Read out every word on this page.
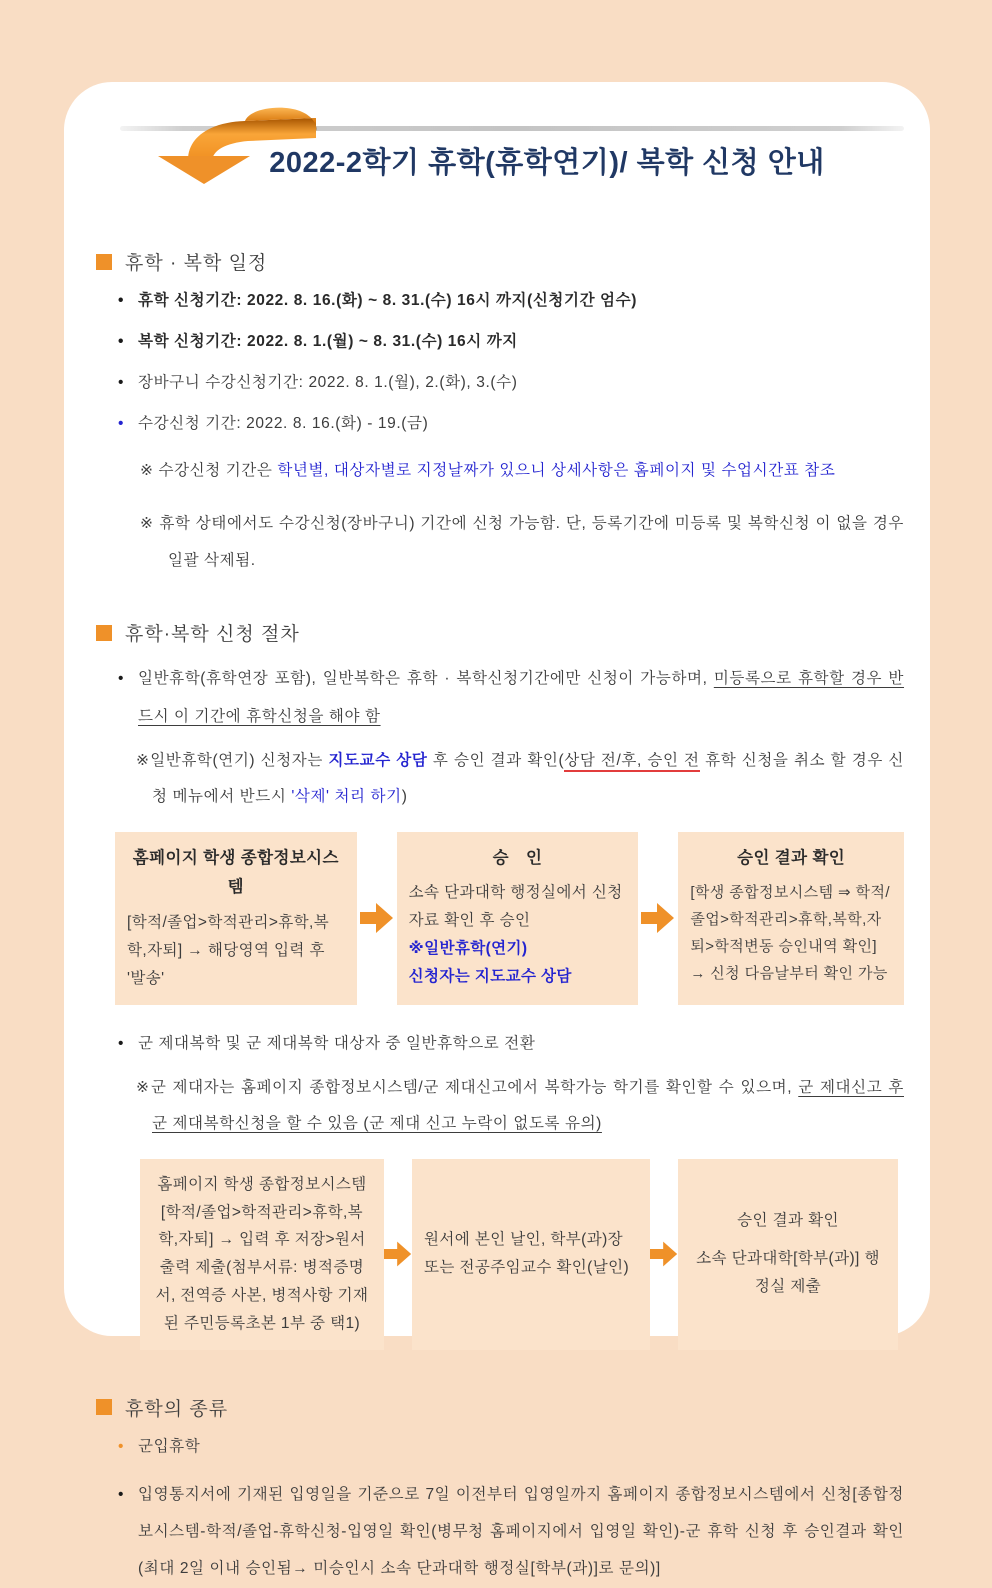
2022-2학기 휴학(휴학연기)/ 복학 신청 안내
휴학 · 복학 일정
• 휴학 신청기간: 2022. 8. 16.(화) ~ 8. 31.(수) 16시 까지(신청기간 엄수)
• 복학 신청기간: 2022. 8. 1.(월) ~ 8. 31.(수) 16시 까지
• 장바구니 수강신청기간: 2022. 8. 1.(월), 2.(화), 3.(수)
• 수강신청 기간: 2022. 8. 16.(화) - 19.(금)
※ 수강신청 기간은 학년별, 대상자별로 지정날짜가 있으니 상세사항은 홈페이지 및 수업시간표 참조
※ 휴학 상태에서도 수강신청(장바구니) 기간에 신청 가능함. 단, 등록기간에 미등록 및 복학신청 이 없을 경우 일괄 삭제됨.
휴학·복학 신청 절차
• 일반휴학(휴학연장 포함), 일반복학은 휴학 · 복학신청기간에만 신청이 가능하며, 미등록으로 휴학할 경우 반드시 이 기간에 휴학신청을 해야 함
※일반휴학(연기) 신청자는 지도교수 상담 후 승인 결과 확인(상담 전/후, 승인 전 휴학 신청을 취소 할 경우 신청 메뉴에서 반드시 '삭제' 처리 하기)
홈페이지 학생 종합정보시스템
[학적/졸업>학적관리>휴학,복학,자퇴] → 해당영역 입력 후 '발송'
승 인
소속 단과대학 행정실에서 신청 자료 확인 후 승인
※일반휴학(연기)
신청자는 지도교수 상담
승인 결과 확인
[학생 종합정보시스템 ⇒ 학적/졸업>학적관리>휴학,복학,자퇴>학적변동 승인내역 확인] → 신청 다음날부터 확인 가능
• 군 제대복학 및 군 제대복학 대상자 중 일반휴학으로 전환
※군 제대자는 홈페이지 종합정보시스템/군 제대신고에서 복학가능 학기를 확인할 수 있으며, 군 제대신고 후 군 제대복학신청을 할 수 있음 (군 제대 신고 누락이 없도록 유의)
홈페이지 학생 종합정보시스템[학적/졸업>학적관리>휴학,복학,자퇴] → 입력 후 저장>원서출력 제출(첨부서류: 병적증명서, 전역증 사본, 병적사항 기재된 주민등록초본 1부 중 택1)
원서에 본인 날인, 학부(과)장 또는 전공주임교수 확인(날인)
승인 결과 확인
소속 단과대학[학부(과)] 행정실 제출
휴학의 종류
• 군입휴학
• 입영통지서에 기재된 입영일을 기준으로 7일 이전부터 입영일까지 홈페이지 종합정보시스템에서 신청[종합정보시스템-학적/졸업-휴학신청-입영일 확인(병무청 홈페이지에서 입영일 확인)-군 휴학 신청 후 승인결과 확인(최대 2일 이내 승인됨→ 미승인시 소속 단과대학 행정실[학부(과)]로 문의)]
